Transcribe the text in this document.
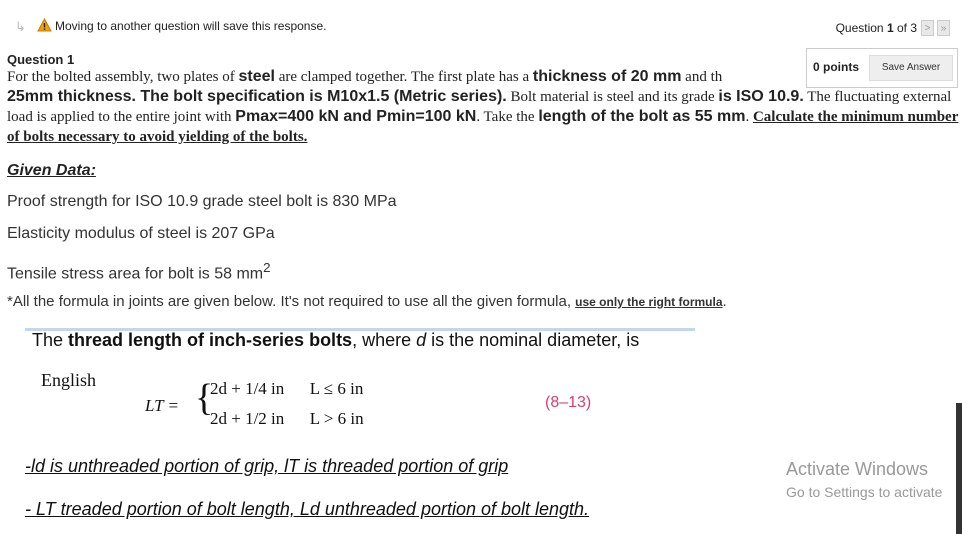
↳ Moving to another question will save this response.	Question 1 of 3 >	»
Question 1
For the bolted assembly, two plates of steel are clamped together. The first plate has a thickness of 20 mm and th
25mm thickness. The bolt specification is M10x1.5 (Metric series). Bolt material is steel and its grade is ISO 10.9. The fluctuating external load is applied to the entire joint with Pmax=400 kN and Pmin=100 kN. Take the length of the bolt as 55 mm. Calculate the minimum number of bolts necessary to avoid yielding of the bolts.
0 points	Save Answer
Given Data:
Proof strength for ISO 10.9 grade steel bolt is 830 MPa
Elasticity modulus of steel is 207 GPa
Tensile stress area for bolt is 58 $mm^2$
*All the formula in joints are given below. It's not required to use all the given formula, use only the right formula.
The thread length of inch-series bolts, where d is the nominal diameter, is
English
LT = {
2d + 1/4 in      L ≤ 6 in
2d + 1/2 in      L > 6 in
(8–13)
-ld is unthreaded portion of grip, lT is threaded portion of grip
- LT treaded portion of bolt length, Ld unthreaded portion of bolt length.
Activate Windows
Go to Settings to activate
